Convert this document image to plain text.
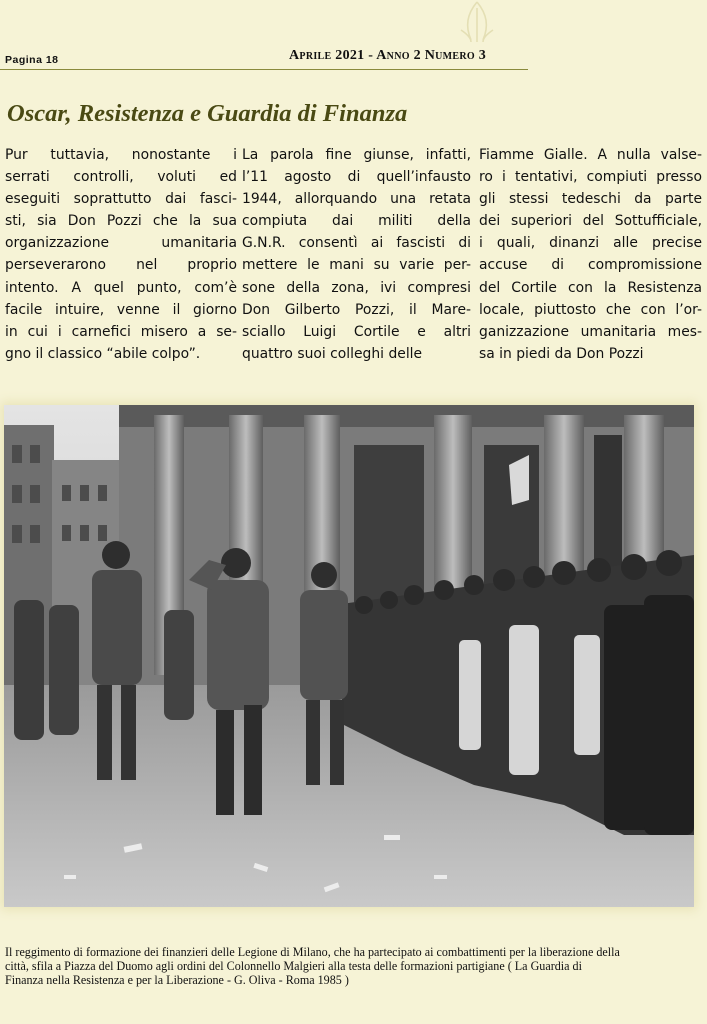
Pagina 18	Aprile 2021 - Anno 2 Numero 3
Oscar, Resistenza e Guardia di Finanza
Pur tuttavia, nonostante i
serrati controlli, voluti ed
eseguiti soprattutto dai fasci-
sti, sia Don Pozzi che la sua
organizzazione umanitaria
perseverarono nel proprio
intento. A quel punto, com’è
facile intuire, venne il giorno
in cui i carnefici misero a se-
gno il classico “abile colpo”.
La parola fine giunse, infatti,
l’11 agosto di quell’infausto
1944, allorquando una retata
compiuta dai militi della
G.N.R. consentì ai fascisti di
mettere le mani su varie per-
sone della zona, ivi compresi
Don Gilberto Pozzi, il Mare-
sciallo Luigi Cortile e altri
quattro suoi colleghi delle
Fiamme Gialle. A nulla valse-
ro i tentativi, compiuti presso
gli stessi tedeschi da parte
dei superiori del Sottufficiale,
i quali, dinanzi alle precise
accuse di compromissione
del Cortile con la Resistenza
locale, piuttosto che con l’or-
ganizzazione umanitaria mes-
sa in piedi da Don Pozzi
Il reggimento di formazione dei finanzieri delle Legione di Milano, che ha partecipato ai combattimenti per la liberazione della
città, sfila a Piazza del Duomo agli ordini del Colonnello Malgieri alla testa delle formazioni partigiane ( La Guardia di
Finanza nella Resistenza e per la Liberazione - G. Oliva - Roma 1985 )
